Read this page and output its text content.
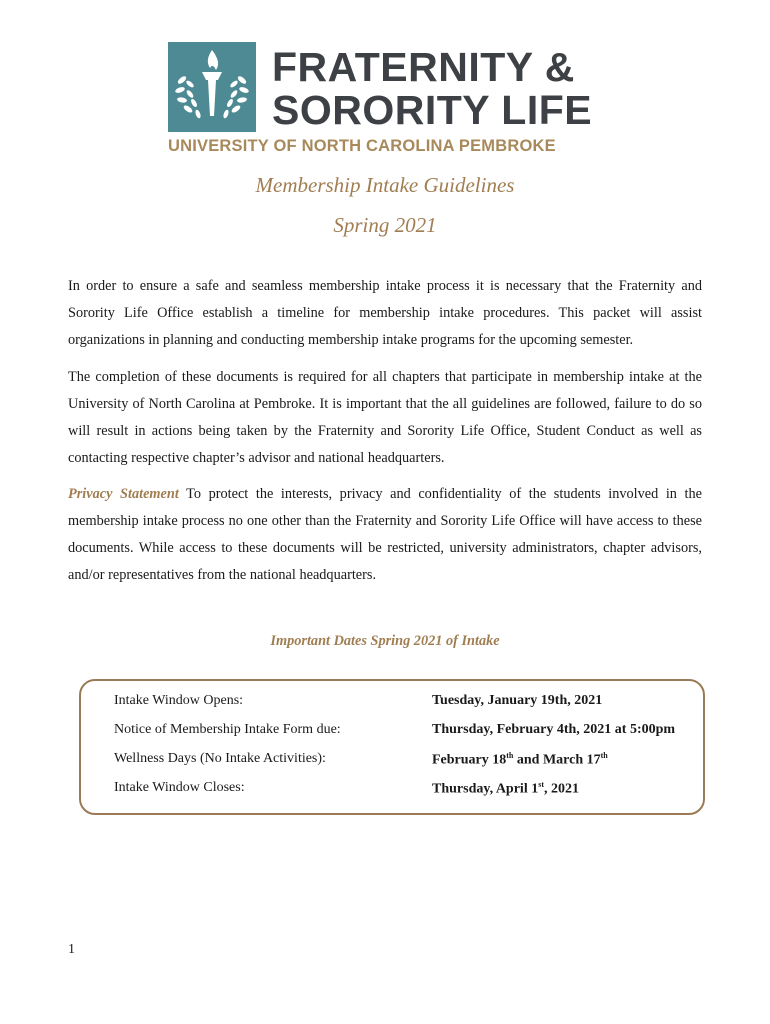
FRATERNITY &
SORORITY LIFE
UNIVERSITY OF NORTH CAROLINA PEMBROKE
Membership Intake Guidelines
Spring 2021

In order to ensure a safe and seamless membership intake process it is necessary that the Fraternity and Sorority Life Office establish a timeline for membership intake procedures. This packet will assist organizations in planning and conducting membership intake programs for the upcoming semester.

The completion of these documents is required for all chapters that participate in membership intake at the University of North Carolina at Pembroke. It is important that the all guidelines are followed, failure to do so will result in actions being taken by the Fraternity and Sorority Life Office, Student Conduct as well as contacting respective chapter’s advisor and national headquarters.

Privacy Statement To protect the interests, privacy and confidentiality of the students involved in the membership intake process no one other than the Fraternity and Sorority Life Office will have access to these documents. While access to these documents will be restricted, university administrators, chapter advisors, and/or representatives from the national headquarters.

Important Dates Spring 2021 of Intake
Intake Window Opens:	Tuesday, January 19th, 2021
Notice of Membership Intake Form due:	Thursday, February 4th, 2021 at 5:00pm
Wellness Days (No Intake Activities):	February 18th and March 17th
Intake Window Closes:	Thursday, April 1st, 2021
1
